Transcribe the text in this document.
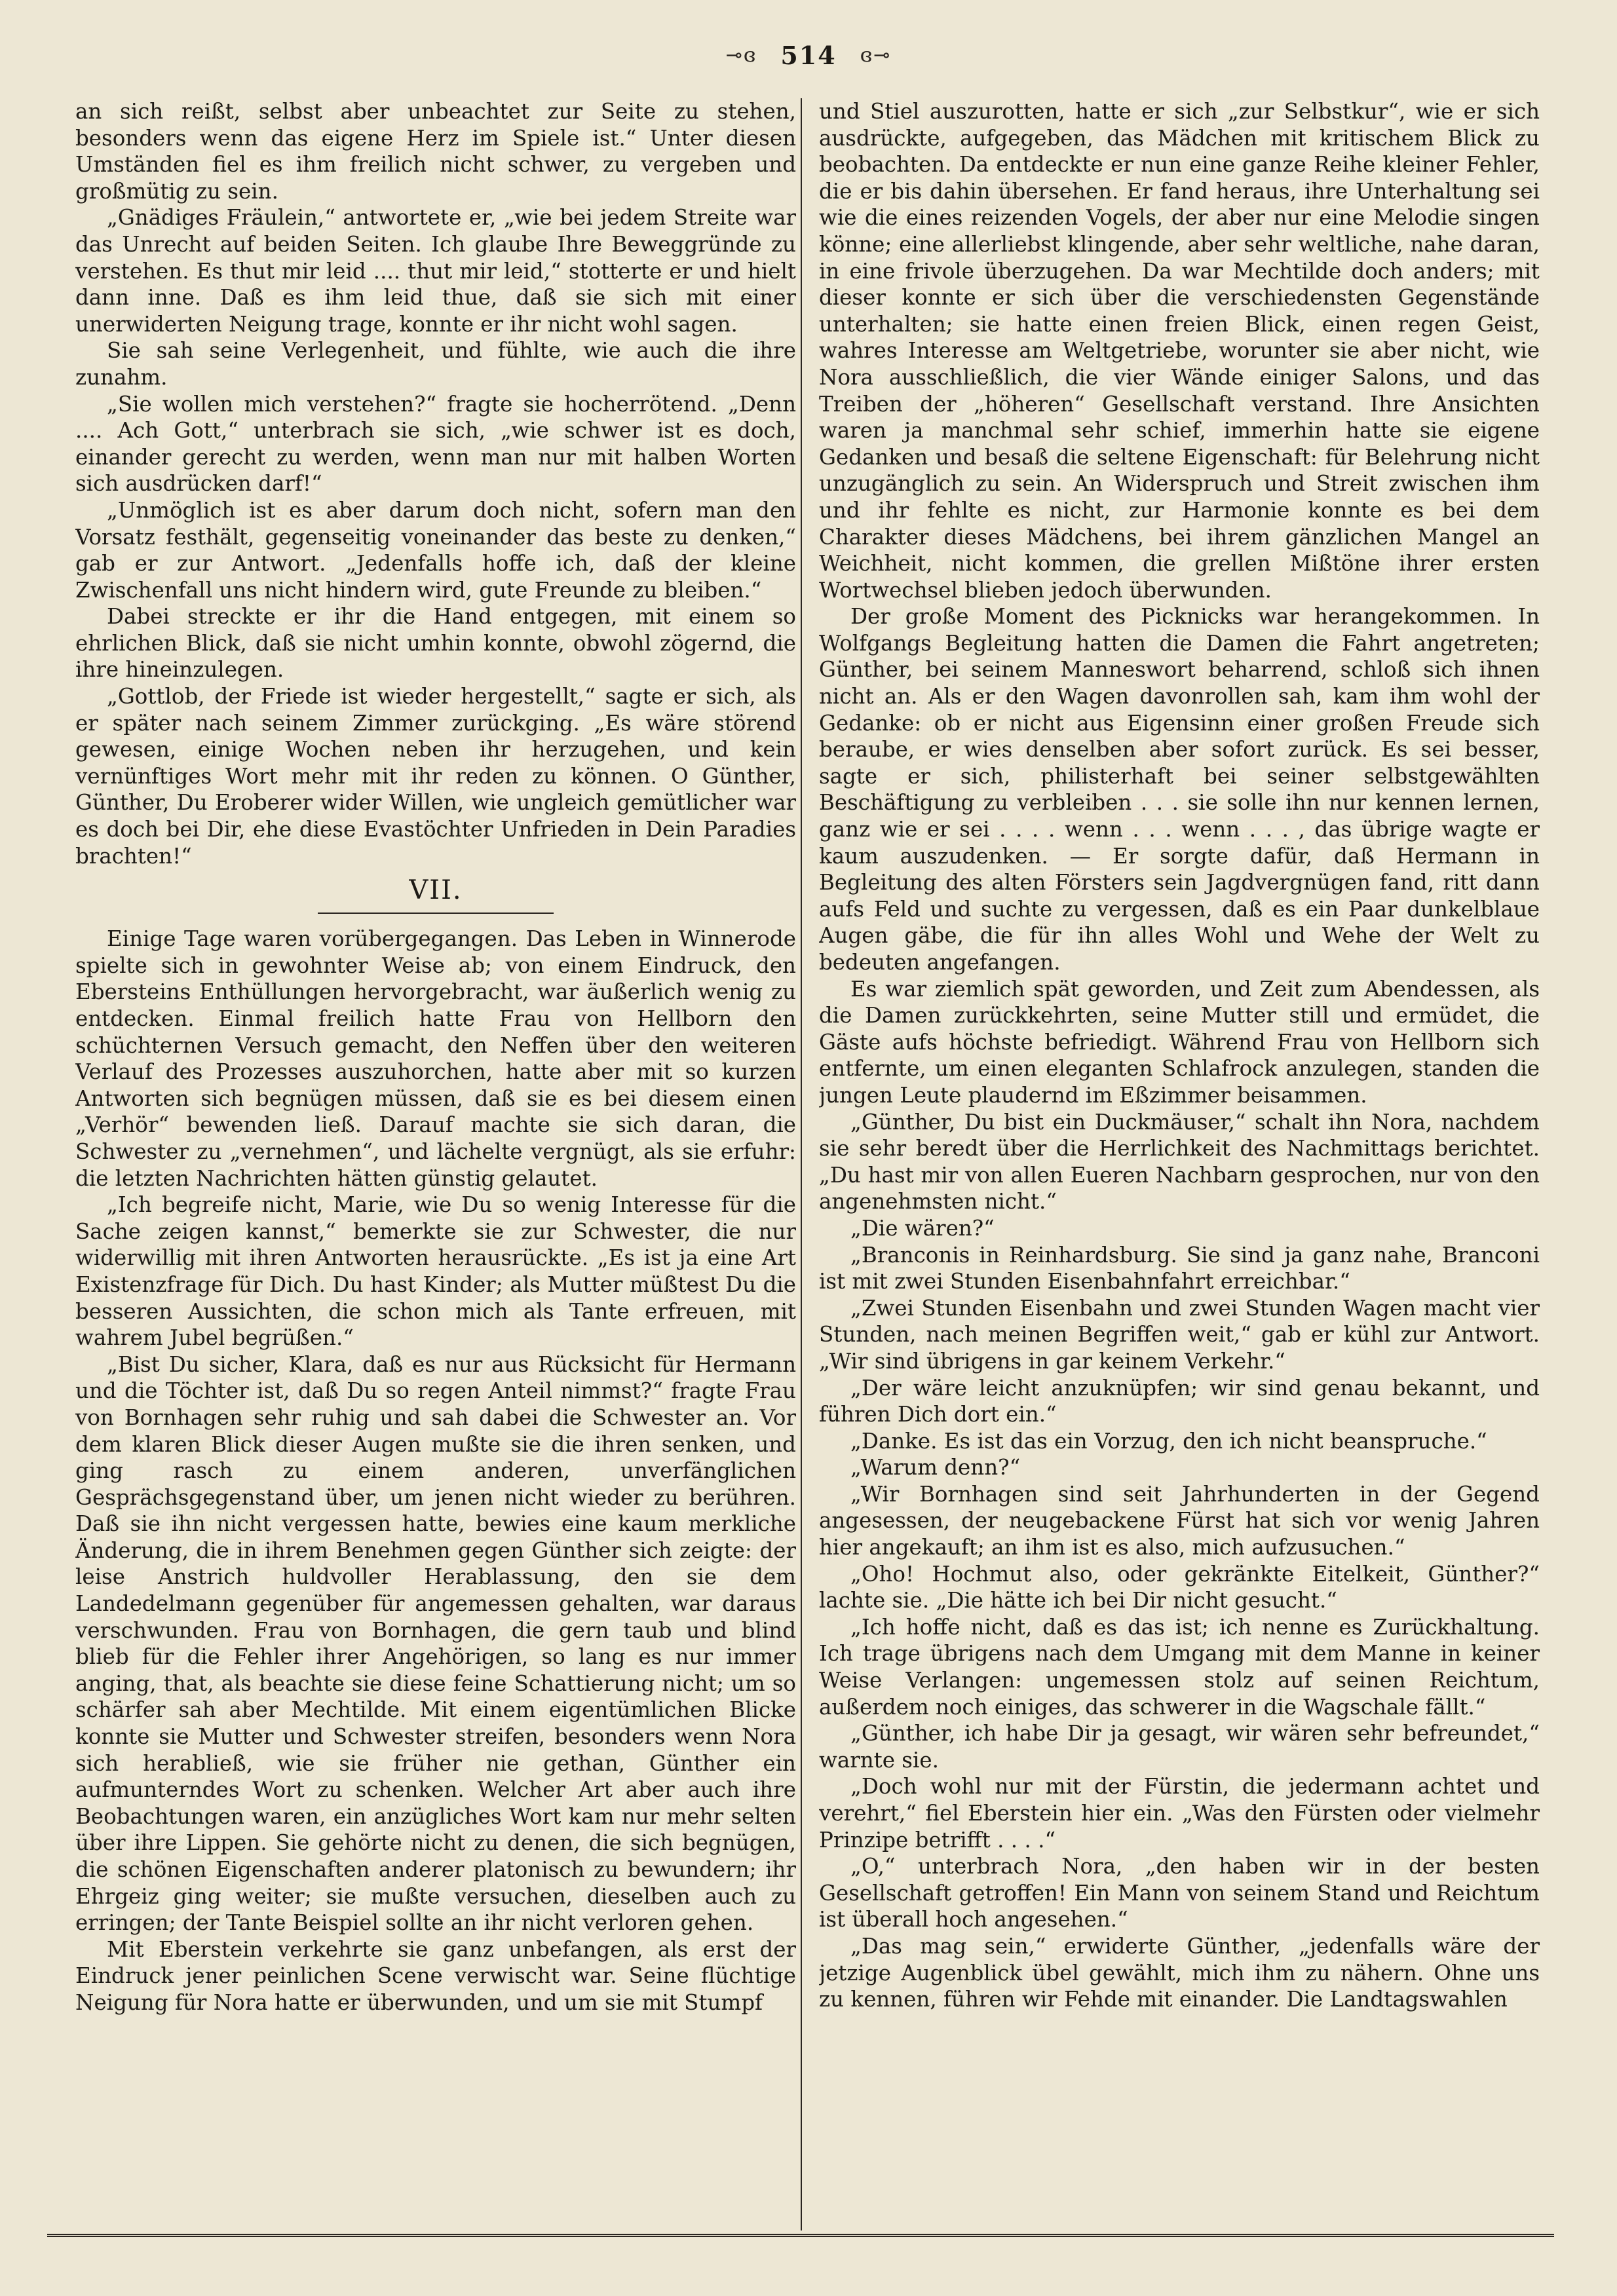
⊸ɞ 514 ɞ⊸

an sich reißt, selbst aber unbeachtet zur Seite zu stehen, besonders wenn das eigene Herz im Spiele ist.“ Unter diesen Umständen fiel es ihm freilich nicht schwer, zu vergeben und großmütig zu sein.

„Gnädiges Fräulein,“ antwortete er, „wie bei jedem Streite war das Unrecht auf beiden Seiten. Ich glaube Ihre Beweggründe zu verstehen. Es thut mir leid .... thut mir leid,“ stotterte er und hielt dann inne. Daß es ihm leid thue, daß sie sich mit einer unerwiderten Neigung trage, konnte er ihr nicht wohl sagen.

Sie sah seine Verlegenheit, und fühlte, wie auch die ihre zunahm.

„Sie wollen mich verstehen?“ fragte sie hocherrötend. „Denn .... Ach Gott,“ unterbrach sie sich, „wie schwer ist es doch, einander gerecht zu werden, wenn man nur mit halben Worten sich ausdrücken darf!“

„Unmöglich ist es aber darum doch nicht, sofern man den Vorsatz festhält, gegenseitig voneinander das beste zu denken,“ gab er zur Antwort. „Jedenfalls hoffe ich, daß der kleine Zwischenfall uns nicht hindern wird, gute Freunde zu bleiben.“

Dabei streckte er ihr die Hand entgegen, mit einem so ehrlichen Blick, daß sie nicht umhin konnte, obwohl zögernd, die ihre hineinzulegen.

„Gottlob, der Friede ist wieder hergestellt,“ sagte er sich, als er später nach seinem Zimmer zurückging. „Es wäre störend gewesen, einige Wochen neben ihr herzugehen, und kein vernünftiges Wort mehr mit ihr reden zu können. O Günther, Günther, Du Eroberer wider Willen, wie ungleich gemütlicher war es doch bei Dir, ehe diese Evastöchter Unfrieden in Dein Paradies brachten!“

VII.

Einige Tage waren vorübergegangen. Das Leben in Winnerode spielte sich in gewohnter Weise ab; von einem Eindruck, den Ebersteins Enthüllungen hervorgebracht, war äußerlich wenig zu entdecken. Einmal freilich hatte Frau von Hellborn den schüchternen Versuch gemacht, den Neffen über den weiteren Verlauf des Prozesses auszuhorchen, hatte aber mit so kurzen Antworten sich begnügen müssen, daß sie es bei diesem einen „Verhör“ bewenden ließ. Darauf machte sie sich daran, die Schwester zu „vernehmen“, und lächelte vergnügt, als sie erfuhr: die letzten Nachrichten hätten günstig gelautet.

„Ich begreife nicht, Marie, wie Du so wenig Interesse für die Sache zeigen kannst,“ bemerkte sie zur Schwester, die nur widerwillig mit ihren Antworten herausrückte. „Es ist ja eine Art Existenzfrage für Dich. Du hast Kinder; als Mutter müßtest Du die besseren Aussichten, die schon mich als Tante erfreuen, mit wahrem Jubel begrüßen.“

„Bist Du sicher, Klara, daß es nur aus Rücksicht für Hermann und die Töchter ist, daß Du so regen Anteil nimmst?“ fragte Frau von Bornhagen sehr ruhig und sah dabei die Schwester an. Vor dem klaren Blick dieser Augen mußte sie die ihren senken, und ging rasch zu einem anderen, unverfänglichen Gesprächsgegenstand über, um jenen nicht wieder zu berühren. Daß sie ihn nicht vergessen hatte, bewies eine kaum merkliche Änderung, die in ihrem Benehmen gegen Günther sich zeigte: der leise Anstrich huldvoller Herablassung, den sie dem Landedelmann gegenüber für angemessen gehalten, war daraus verschwunden. Frau von Bornhagen, die gern taub und blind blieb für die Fehler ihrer Angehörigen, so lang es nur immer anging, that, als beachte sie diese feine Schattierung nicht; um so schärfer sah aber Mechtilde. Mit einem eigentümlichen Blicke konnte sie Mutter und Schwester streifen, besonders wenn Nora sich herabließ, wie sie früher nie gethan, Günther ein aufmunterndes Wort zu schenken. Welcher Art aber auch ihre Beobachtungen waren, ein anzügliches Wort kam nur mehr selten über ihre Lippen. Sie gehörte nicht zu denen, die sich begnügen, die schönen Eigenschaften anderer platonisch zu bewundern; ihr Ehrgeiz ging weiter; sie mußte versuchen, dieselben auch zu erringen; der Tante Beispiel sollte an ihr nicht verloren gehen.

Mit Eberstein verkehrte sie ganz unbefangen, als erst der Eindruck jener peinlichen Scene verwischt war. Seine flüchtige Neigung für Nora hatte er überwunden, und um sie mit Stumpf

und Stiel auszurotten, hatte er sich „zur Selbstkur“, wie er sich ausdrückte, aufgegeben, das Mädchen mit kritischem Blick zu beobachten. Da entdeckte er nun eine ganze Reihe kleiner Fehler, die er bis dahin übersehen. Er fand heraus, ihre Unterhaltung sei wie die eines reizenden Vogels, der aber nur eine Melodie singen könne; eine allerliebst klingende, aber sehr weltliche, nahe daran, in eine frivole überzugehen. Da war Mechtilde doch anders; mit dieser konnte er sich über die verschiedensten Gegenstände unterhalten; sie hatte einen freien Blick, einen regen Geist, wahres Interesse am Weltgetriebe, worunter sie aber nicht, wie Nora ausschließlich, die vier Wände einiger Salons, und das Treiben der „höheren“ Gesellschaft verstand. Ihre Ansichten waren ja manchmal sehr schief, immerhin hatte sie eigene Gedanken und besaß die seltene Eigenschaft: für Belehrung nicht unzugänglich zu sein. An Widerspruch und Streit zwischen ihm und ihr fehlte es nicht, zur Harmonie konnte es bei dem Charakter dieses Mädchens, bei ihrem gänzlichen Mangel an Weichheit, nicht kommen, die grellen Mißtöne ihrer ersten Wortwechsel blieben jedoch überwunden.

Der große Moment des Picknicks war herangekommen. In Wolfgangs Begleitung hatten die Damen die Fahrt angetreten; Günther, bei seinem Manneswort beharrend, schloß sich ihnen nicht an. Als er den Wagen davonrollen sah, kam ihm wohl der Gedanke: ob er nicht aus Eigensinn einer großen Freude sich beraube, er wies denselben aber sofort zurück. Es sei besser, sagte er sich, philisterhaft bei seiner selbstgewählten Beschäftigung zu verbleiben . . . sie solle ihn nur kennen lernen, ganz wie er sei . . . . wenn . . . wenn . . . , das übrige wagte er kaum auszudenken. — Er sorgte dafür, daß Hermann in Begleitung des alten Försters sein Jagdvergnügen fand, ritt dann aufs Feld und suchte zu vergessen, daß es ein Paar dunkelblaue Augen gäbe, die für ihn alles Wohl und Wehe der Welt zu bedeuten angefangen.

Es war ziemlich spät geworden, und Zeit zum Abendessen, als die Damen zurückkehrten, seine Mutter still und ermüdet, die Gäste aufs höchste befriedigt. Während Frau von Hellborn sich entfernte, um einen eleganten Schlafrock anzulegen, standen die jungen Leute plaudernd im Eßzimmer beisammen.

„Günther, Du bist ein Duckmäuser,“ schalt ihn Nora, nachdem sie sehr beredt über die Herrlichkeit des Nachmittags berichtet. „Du hast mir von allen Eueren Nachbarn gesprochen, nur von den angenehmsten nicht.“

„Die wären?“

„Branconis in Reinhardsburg. Sie sind ja ganz nahe, Branconi ist mit zwei Stunden Eisenbahnfahrt erreichbar.“

„Zwei Stunden Eisenbahn und zwei Stunden Wagen macht vier Stunden, nach meinen Begriffen weit,“ gab er kühl zur Antwort. „Wir sind übrigens in gar keinem Verkehr.“

„Der wäre leicht anzuknüpfen; wir sind genau bekannt, und führen Dich dort ein.“

„Danke. Es ist das ein Vorzug, den ich nicht beanspruche.“

„Warum denn?“

„Wir Bornhagen sind seit Jahrhunderten in der Gegend angesessen, der neugebackene Fürst hat sich vor wenig Jahren hier angekauft; an ihm ist es also, mich aufzusuchen.“

„Oho! Hochmut also, oder gekränkte Eitelkeit, Günther?“ lachte sie. „Die hätte ich bei Dir nicht gesucht.“

„Ich hoffe nicht, daß es das ist; ich nenne es Zurückhaltung. Ich trage übrigens nach dem Umgang mit dem Manne in keiner Weise Verlangen: ungemessen stolz auf seinen Reichtum, außerdem noch einiges, das schwerer in die Wagschale fällt.“

„Günther, ich habe Dir ja gesagt, wir wären sehr befreundet,“ warnte sie.

„Doch wohl nur mit der Fürstin, die jedermann achtet und verehrt,“ fiel Eberstein hier ein. „Was den Fürsten oder vielmehr Prinzipe betrifft . . . .“

„O,“ unterbrach Nora, „den haben wir in der besten Gesellschaft getroffen! Ein Mann von seinem Stand und Reichtum ist überall hoch angesehen.“

„Das mag sein,“ erwiderte Günther, „jedenfalls wäre der jetzige Augenblick übel gewählt, mich ihm zu nähern. Ohne uns zu kennen, führen wir Fehde mit einander. Die Landtagswahlen
